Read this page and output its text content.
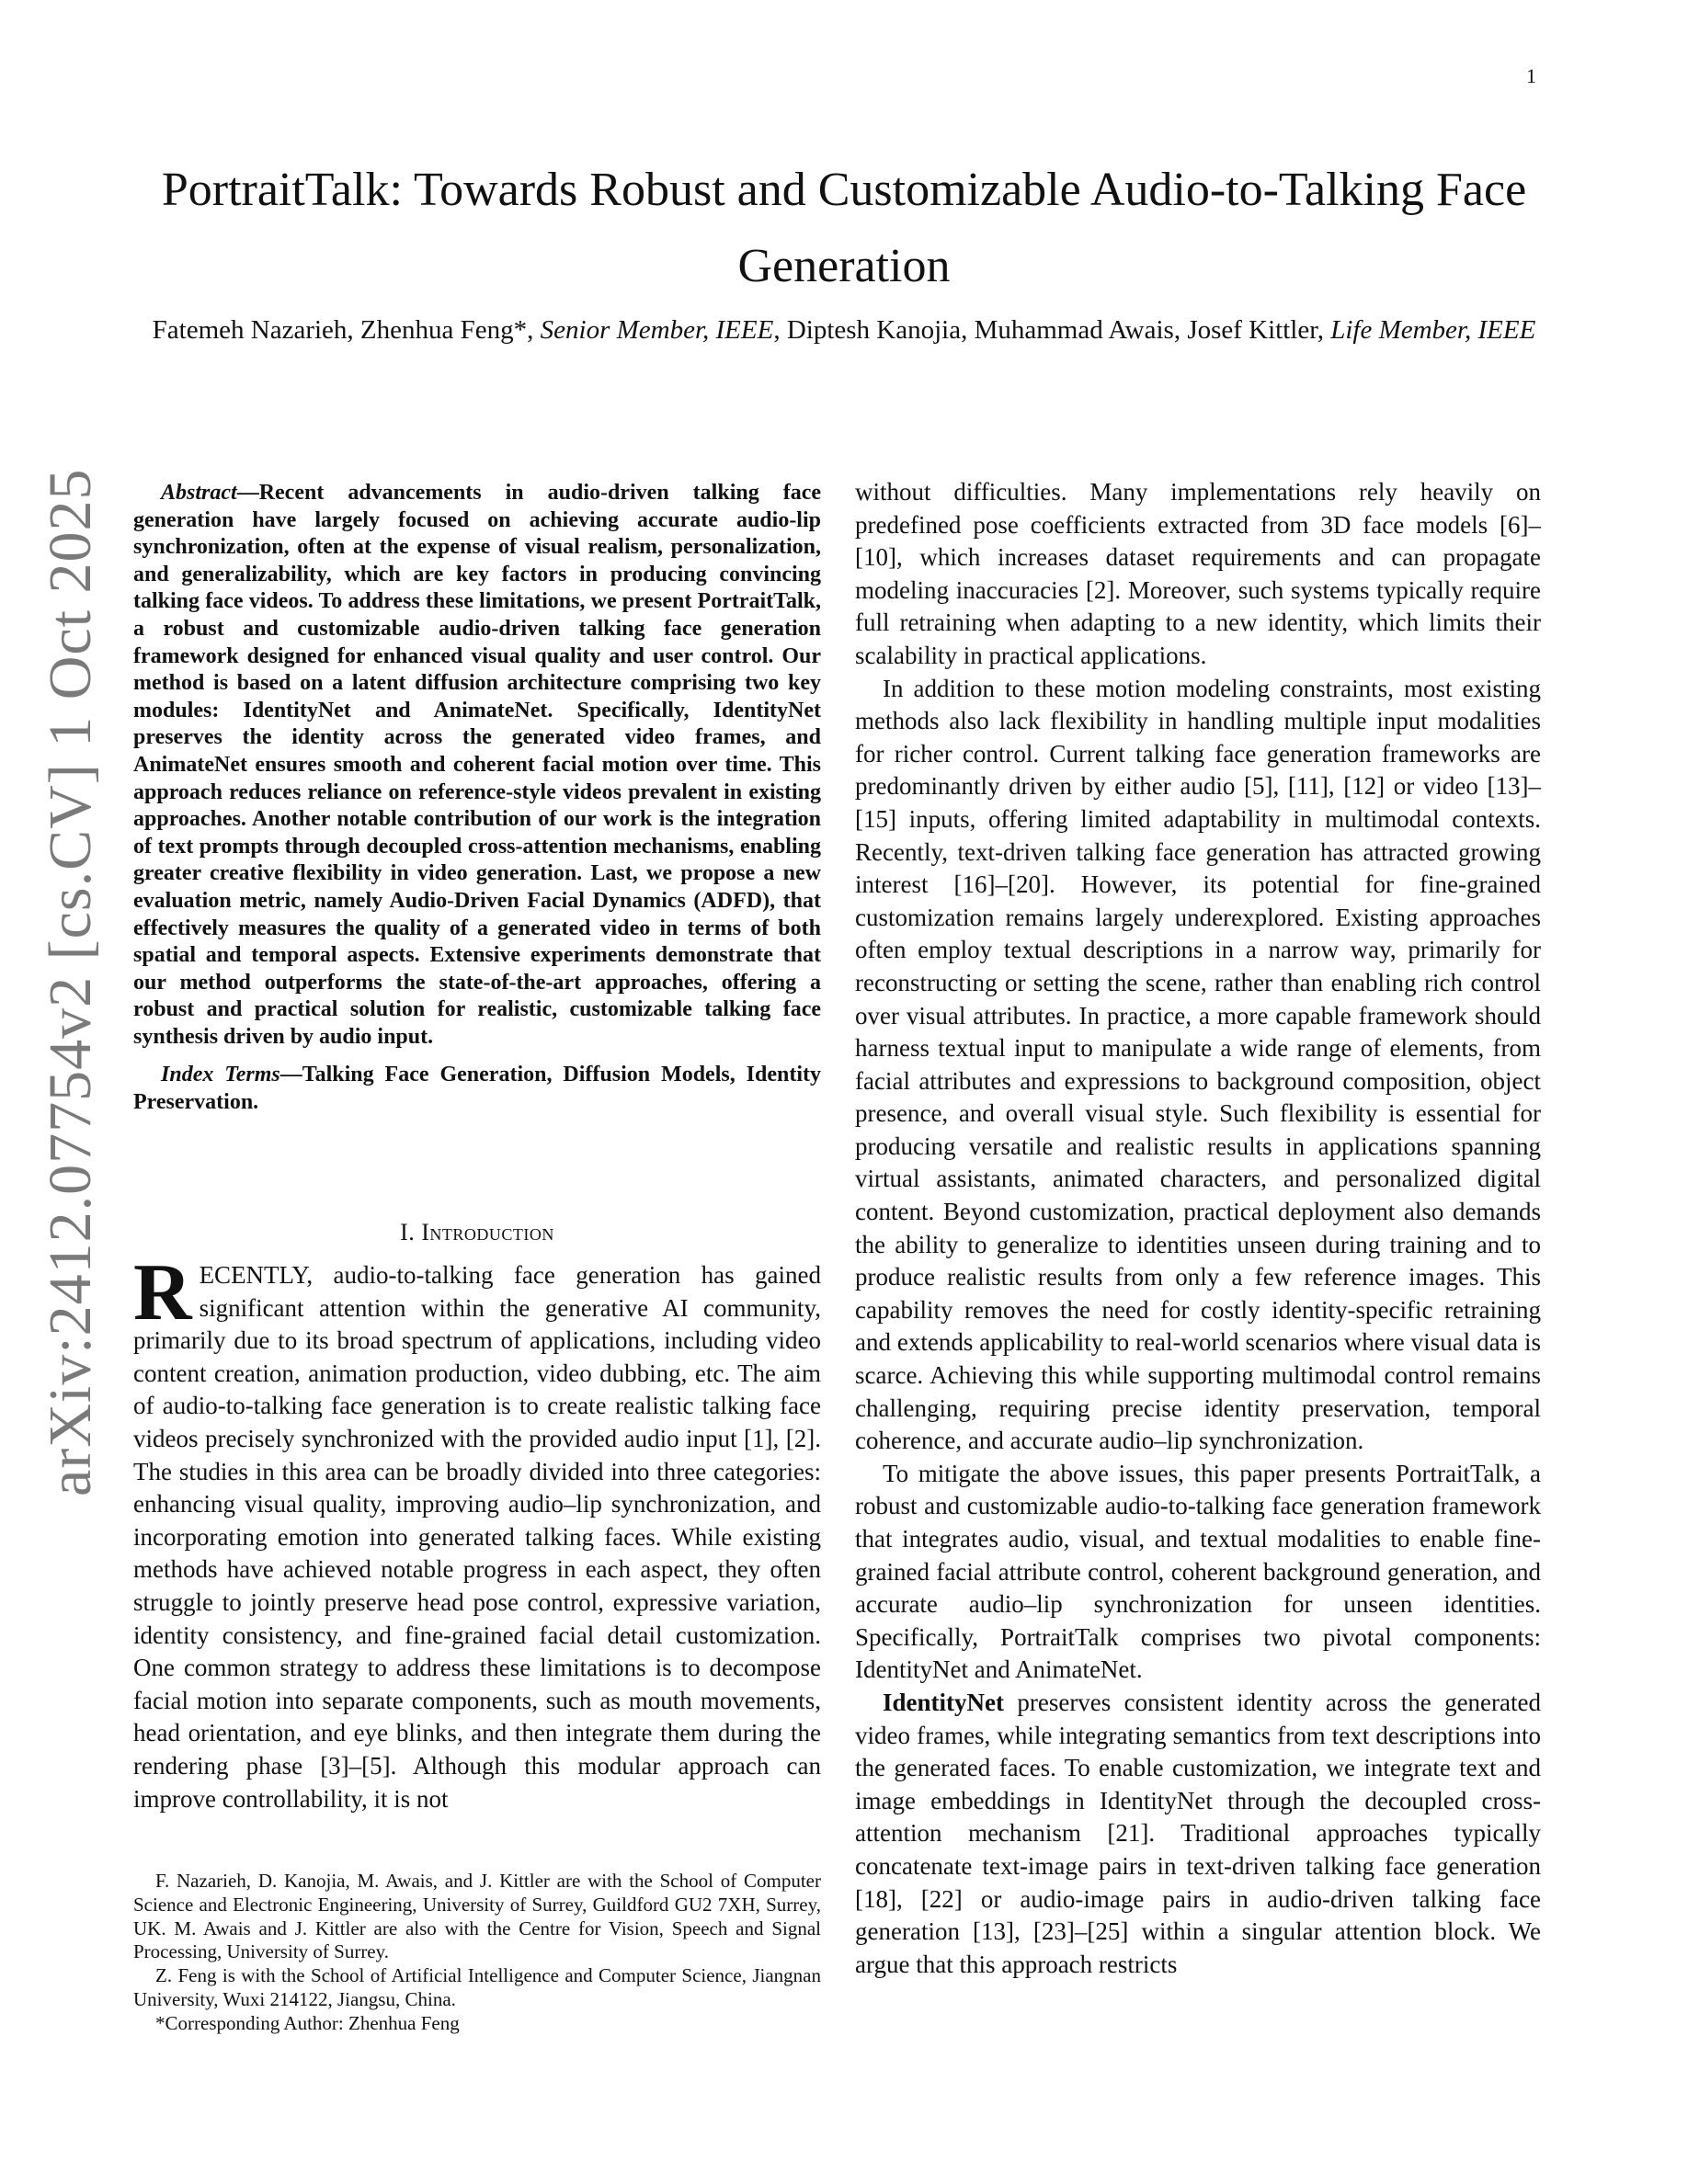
1
arXiv:2412.07754v2 [cs.CV] 1 Oct 2025
PortraitTalk: Towards Robust and Customizable Audio-to-Talking Face Generation
Fatemeh Nazarieh, Zhenhua Feng*, Senior Member, IEEE, Diptesh Kanojia, Muhammad Awais, Josef Kittler, Life Member, IEEE

Abstract—Recent advancements in audio-driven talking face generation have largely focused on achieving accurate audio-lip synchronization, often at the expense of visual realism, personalization, and generalizability, which are key factors in producing convincing talking face videos. To address these limitations, we present PortraitTalk, a robust and customizable audio-driven talking face generation framework designed for enhanced visual quality and user control. Our method is based on a latent diffusion architecture comprising two key modules: IdentityNet and AnimateNet. Specifically, IdentityNet preserves the identity across the generated video frames, and AnimateNet ensures smooth and coherent facial motion over time. This approach reduces reliance on reference-style videos prevalent in existing approaches. Another notable contribution of our work is the integration of text prompts through decoupled cross-attention mechanisms, enabling greater creative flexibility in video generation. Last, we propose a new evaluation metric, namely Audio-Driven Facial Dynamics (ADFD), that effectively measures the quality of a generated video in terms of both spatial and temporal aspects. Extensive experiments demonstrate that our method outperforms the state-of-the-art approaches, offering a robust and practical solution for realistic, customizable talking face synthesis driven by audio input.

Index Terms—Talking Face Generation, Diffusion Models, Identity Preservation.

I. Introduction

RECENTLY, audio-to-talking face generation has gained significant attention within the generative AI community, primarily due to its broad spectrum of applications, including video content creation, animation production, video dubbing, etc. The aim of audio-to-talking face generation is to create realistic talking face videos precisely synchronized with the provided audio input [1], [2]. The studies in this area can be broadly divided into three categories: enhancing visual quality, improving audio–lip synchronization, and incorporating emotion into generated talking faces. While existing methods have achieved notable progress in each aspect, they often struggle to jointly preserve head pose control, expressive variation, identity consistency, and fine-grained facial detail customization. One common strategy to address these limitations is to decompose facial motion into separate components, such as mouth movements, head orientation, and eye blinks, and then integrate them during the rendering phase [3]–[5]. Although this modular approach can improve controllability, it is not

F. Nazarieh, D. Kanojia, M. Awais, and J. Kittler are with the School of Computer Science and Electronic Engineering, University of Surrey, Guildford GU2 7XH, Surrey, UK. M. Awais and J. Kittler are also with the Centre for Vision, Speech and Signal Processing, University of Surrey.

Z. Feng is with the School of Artificial Intelligence and Computer Science, Jiangnan University, Wuxi 214122, Jiangsu, China.

*Corresponding Author: Zhenhua Feng

without difficulties. Many implementations rely heavily on predefined pose coefficients extracted from 3D face models [6]–[10], which increases dataset requirements and can propagate modeling inaccuracies [2]. Moreover, such systems typically require full retraining when adapting to a new identity, which limits their scalability in practical applications.

In addition to these motion modeling constraints, most existing methods also lack flexibility in handling multiple input modalities for richer control. Current talking face generation frameworks are predominantly driven by either audio [5], [11], [12] or video [13]–[15] inputs, offering limited adaptability in multimodal contexts. Recently, text-driven talking face generation has attracted growing interest [16]–[20]. However, its potential for fine-grained customization remains largely underexplored. Existing approaches often employ textual descriptions in a narrow way, primarily for reconstructing or setting the scene, rather than enabling rich control over visual attributes. In practice, a more capable framework should harness textual input to manipulate a wide range of elements, from facial attributes and expressions to background composition, object presence, and overall visual style. Such flexibility is essential for producing versatile and realistic results in applications spanning virtual assistants, animated characters, and personalized digital content. Beyond customization, practical deployment also demands the ability to generalize to identities unseen during training and to produce realistic results from only a few reference images. This capability removes the need for costly identity-specific retraining and extends applicability to real-world scenarios where visual data is scarce. Achieving this while supporting multimodal control remains challenging, requiring precise identity preservation, temporal coherence, and accurate audio–lip synchronization.

To mitigate the above issues, this paper presents PortraitTalk, a robust and customizable audio-to-talking face generation framework that integrates audio, visual, and textual modalities to enable fine-grained facial attribute control, coherent background generation, and accurate audio–lip synchronization for unseen identities. Specifically, PortraitTalk comprises two pivotal components: IdentityNet and AnimateNet.

IdentityNet preserves consistent identity across the generated video frames, while integrating semantics from text descriptions into the generated faces. To enable customization, we integrate text and image embeddings in IdentityNet through the decoupled cross-attention mechanism [21]. Traditional approaches typically concatenate text-image pairs in text-driven talking face generation [18], [22] or audio-image pairs in audio-driven talking face generation [13], [23]–[25] within a singular attention block. We argue that this approach restricts
